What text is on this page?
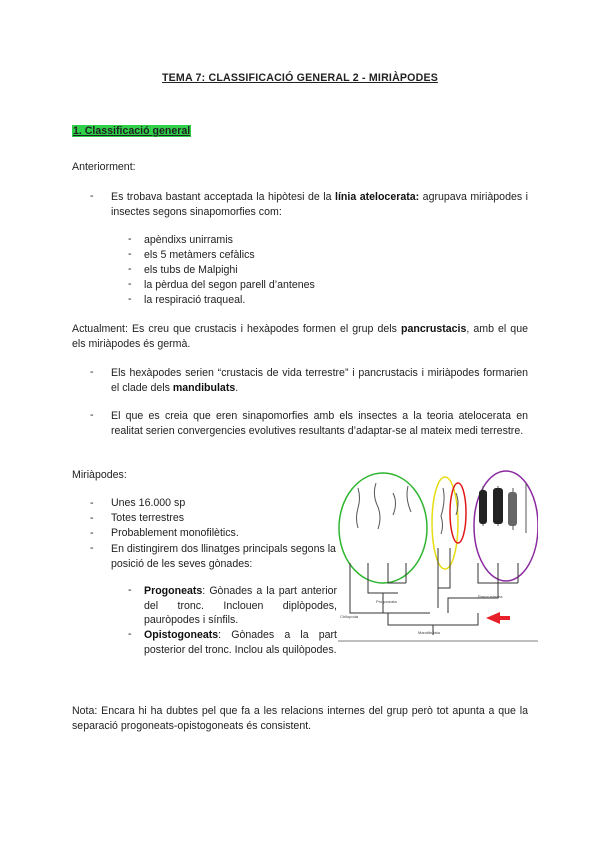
TEMA 7: CLASSIFICACIÓ GENERAL 2 - MIRIÀPODES
1. Classificació general
Anteriorment:
- Es trobava bastant acceptada la hipòtesi de la línia atelocerata: agrupava miriàpodes i insectes segons sinapomorfies com:
- apèndixs unirramis
- els 5 metàmers cefàlics
- els tubs de Malpighi
- la pèrdua del segon parell d’antenes
- la respiració traqueal.
Actualment: Es creu que crustacis i hexàpodes formen el grup dels pancrustacis, amb el que els miriàpodes és germà.
- Els hexàpodes serien “crustacis de vida terrestre” i pancrustacis i miriàpodes formarien el clade dels mandibulats.
- El que es creia que eren sinapomorfies amb els insectes a la teoria atelocerata en realitat serien convergencies evolutives resultants d’adaptar-se al mateix medi terrestre.
Miriàpodes:
- Unes 16.000 sp
- Totes terrestres
- Probablement monofilètics.
- En distingirem dos llinatges principals segons la posició de les seves gònades:
- Progoneats: Gònades a la part anterior del tronc. Inclouen diplòpodes, pauròpodes i sínfils.
- Opistogoneats: Gònades a la part posterior del tronc. Inclou als quilòpodes.
Progoneata
Pancrustacea
Mandibulata
Chilopoda
Nota: Encara hi ha dubtes pel que fa a les relacions internes del grup però tot apunta a que la separació progoneats-opistogoneats és consistent.
